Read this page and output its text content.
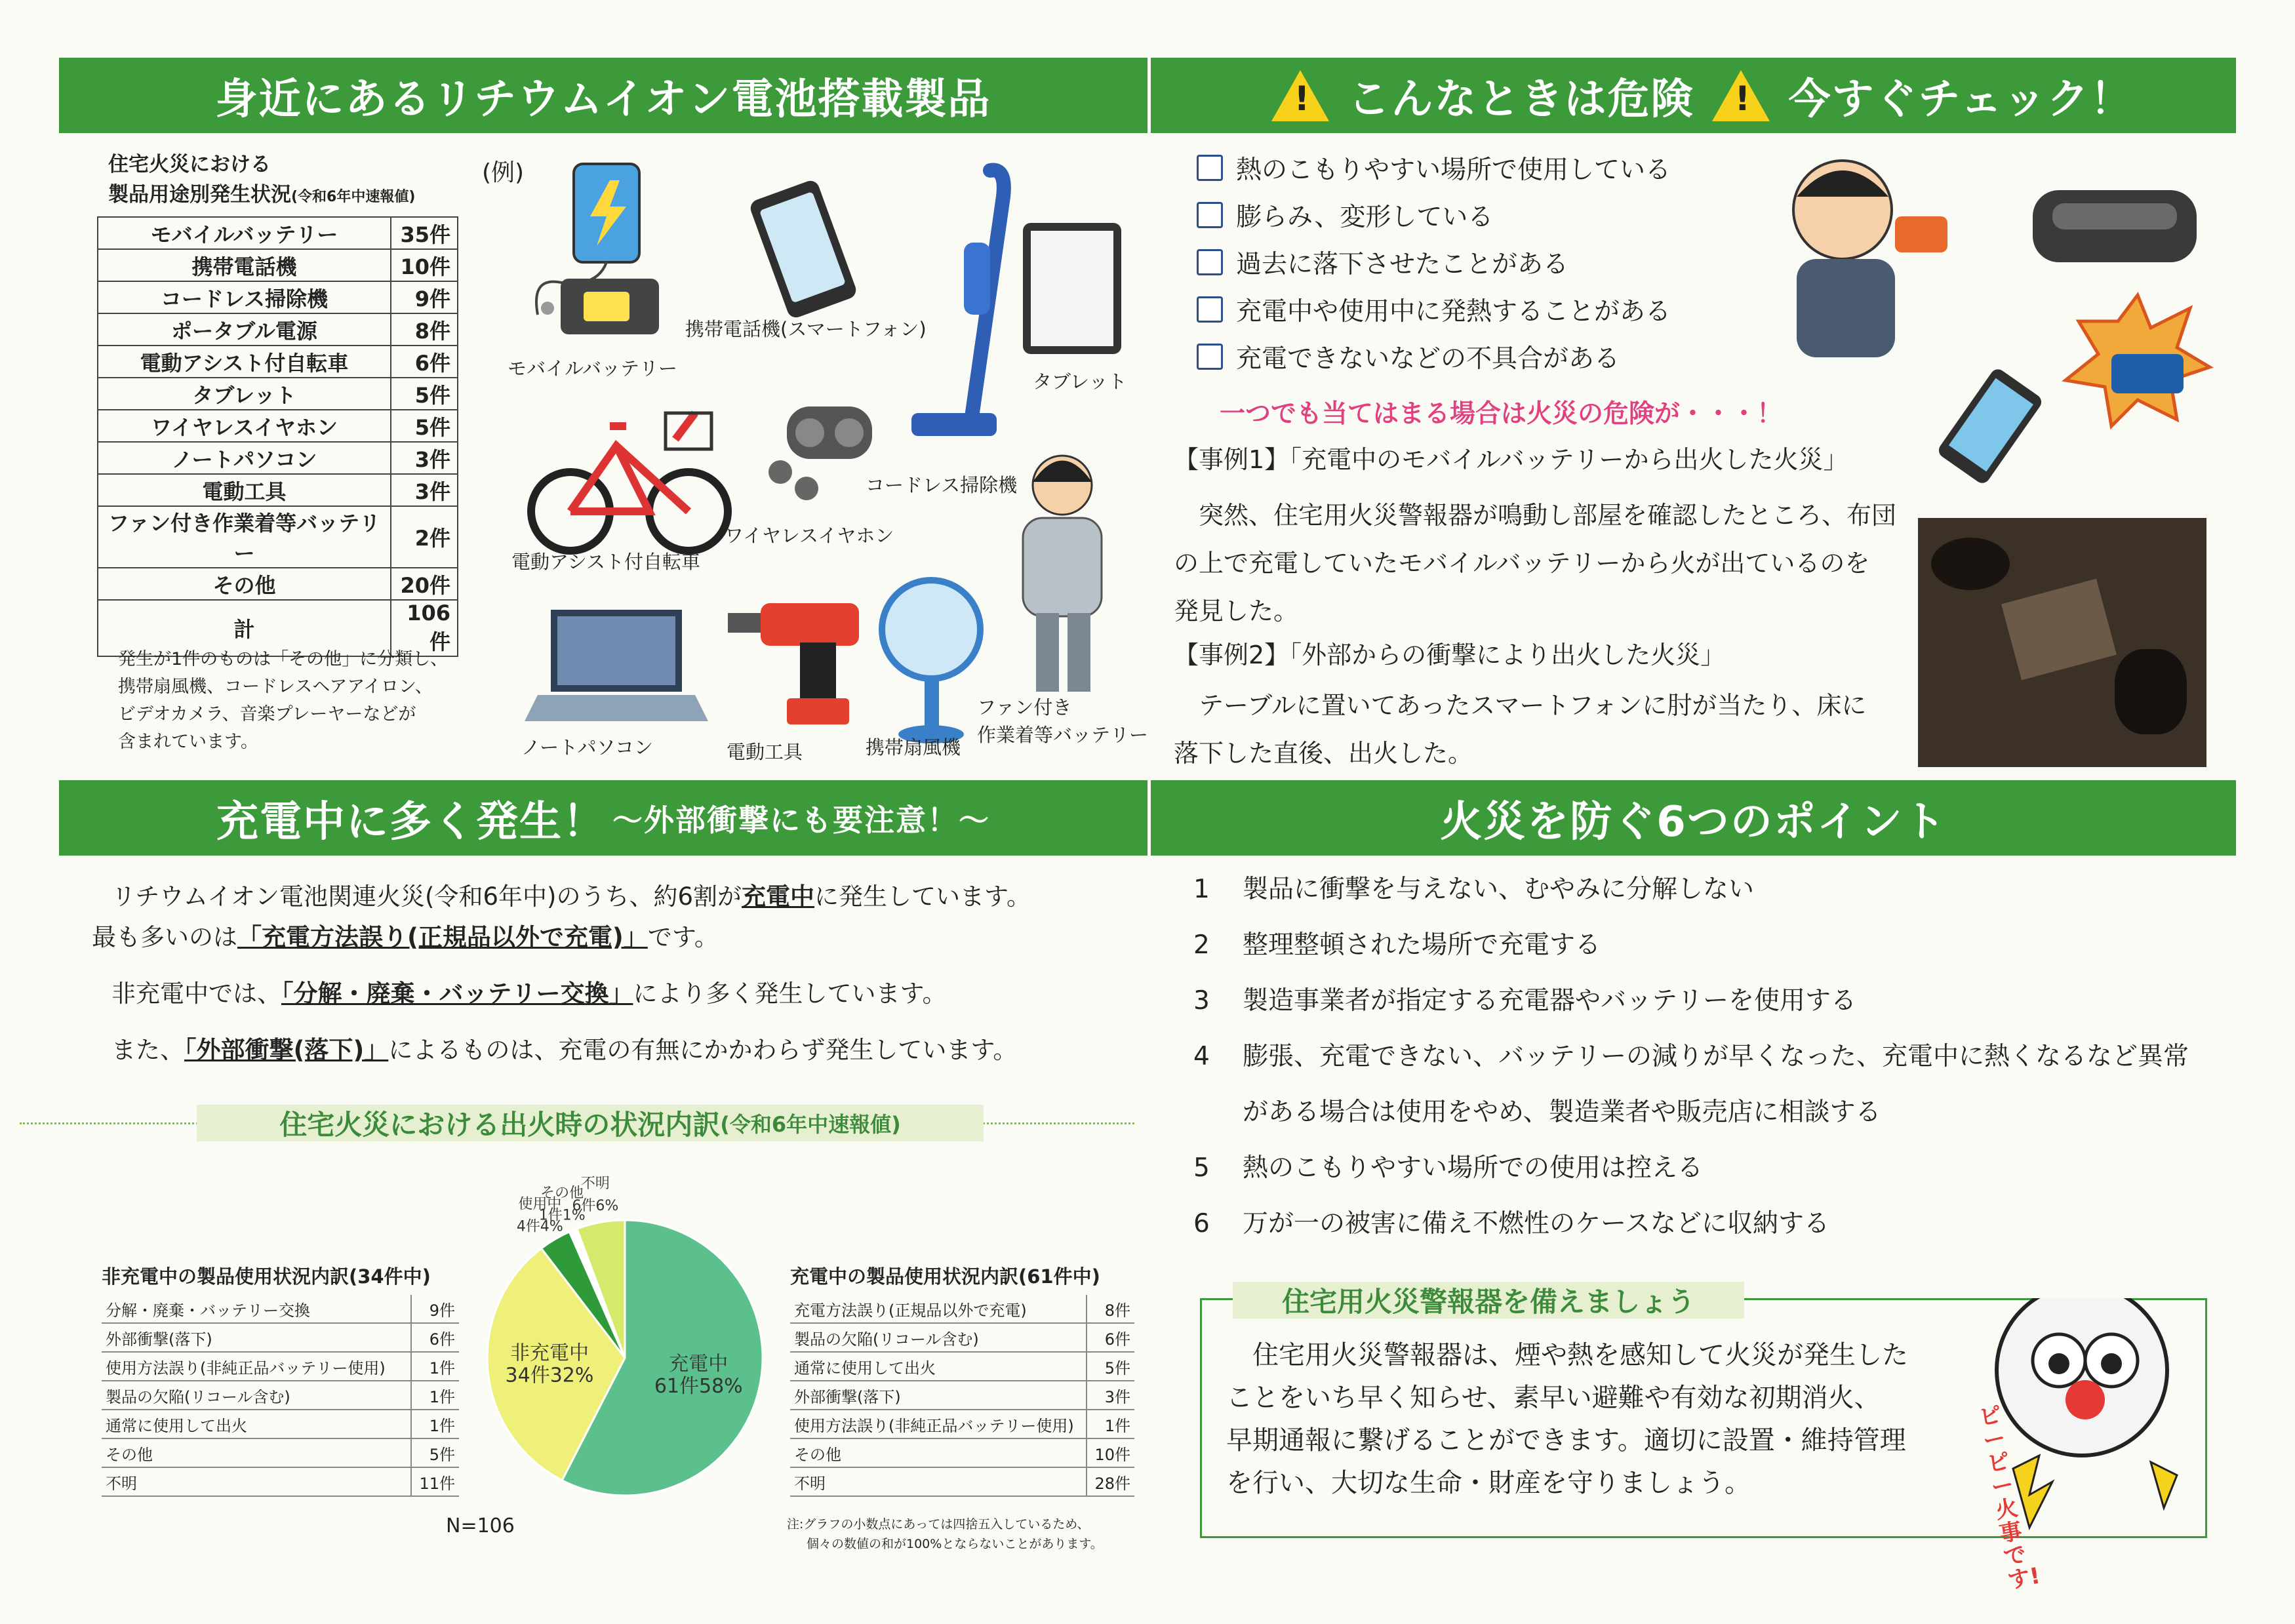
身近にあるリチウムイオン電池搭載製品
住宅火災における
製品用途別発生状況(令和6年中速報値)
モバイルバッテリー	35件
携帯電話機	10件
コードレス掃除機	9件
ポータブル電源	8件
電動アシスト付自転車	6件
タブレット	5件
ワイヤレスイヤホン	5件
ノートパソコン	3件
電動工具	3件
ファン付き作業着等バッテリー	2件
その他	20件
計	106件
発生が1件のものは「その他」に分類し、
携帯扇風機、コードレスヘアアイロン、
ビデオカメラ、音楽プレーヤーなどが
含まれています。
(例)
モバイルバッテリー
携帯電話機(スマートフォン)
コードレス掃除機
タブレット
電動アシスト付自転車
ワイヤレスイヤホン
ノートパソコン	電動工具	携帯扇風機
ファン付き
作業着等バッテリー
! こんなときは危険 ! 今すぐチェック！
熱のこもりやすい場所で使用している
膨らみ、変形している
過去に落下させたことがある
充電中や使用中に発熱することがある
充電できないなどの不具合がある
一つでも当てはまる場合は火災の危険が・・・！
【事例1】「充電中のモバイルバッテリーから出火した火災」
突然、住宅用火災警報器が鳴動し部屋を確認したところ、布団
の上で充電していたモバイルバッテリーから火が出ているのを
発見した。
【事例2】「外部からの衝撃により出火した火災」
テーブルに置いてあったスマートフォンに肘が当たり、床に
落下した直後、出火した。
充電中に多く発生！ ～外部衝撃にも要注意！～
リチウムイオン電池関連火災(令和6年中)のうち、約6割が充電中に発生しています。
最も多いのは「充電方法誤り(正規品以外で充電)」です。
非充電中では、「分解・廃棄・バッテリー交換」により多く発生しています。
また、「外部衝撃(落下)」によるものは、充電の有無にかかわらず発生しています。
住宅火災における出火時の状況内訳 (令和6年中速報値)
非充電中の製品使用状況内訳(34件中)
分解・廃棄・バッテリー交換	9件
外部衝撃(落下)	6件
使用方法誤り(非純正品バッテリー使用)	1件
製品の欠陥(リコール含む)	1件
通常に使用して出火	1件
その他	5件
不明	11件
充電中の製品使用状況内訳(61件中)
充電方法誤り(正規品以外で充電)	8件
製品の欠陥(リコール含む)	6件
通常に使用して出火	5件
外部衝撃(落下)	3件
使用方法誤り(非純正品バッテリー使用)	1件
その他	10件
不明	28件
充電中
61件58%
非充電中
34件32%
使用中
4件4%
その他
1件1%
不明
6件6%
N=106	注:グラフの小数点にあっては四捨五入しているため、
個々の数値の和が100%とならないことがあります。
火災を防ぐ6つのポイント
1 製品に衝撃を与えない、むやみに分解しない
2 整理整頓された場所で充電する
3 製造事業者が指定する充電器やバッテリーを使用する
4 膨張、充電できない、バッテリーの減りが早くなった、充電中に熱くなるなど異常
がある場合は使用をやめ、製造業者や販売店に相談する
5 熱のこもりやすい場所での使用は控える
6 万が一の被害に備え不燃性のケースなどに収納する
住宅用火災警報器を備えましょう
住宅用火災警報器は、煙や熱を感知して火災が発生した
ことをいち早く知らせ、素早い避難や有効な初期消火、
早期通報に繋げることができます。適切に設置・維持管理
を行い、大切な生命・財産を守りましょう。
ピーピー火事です!
